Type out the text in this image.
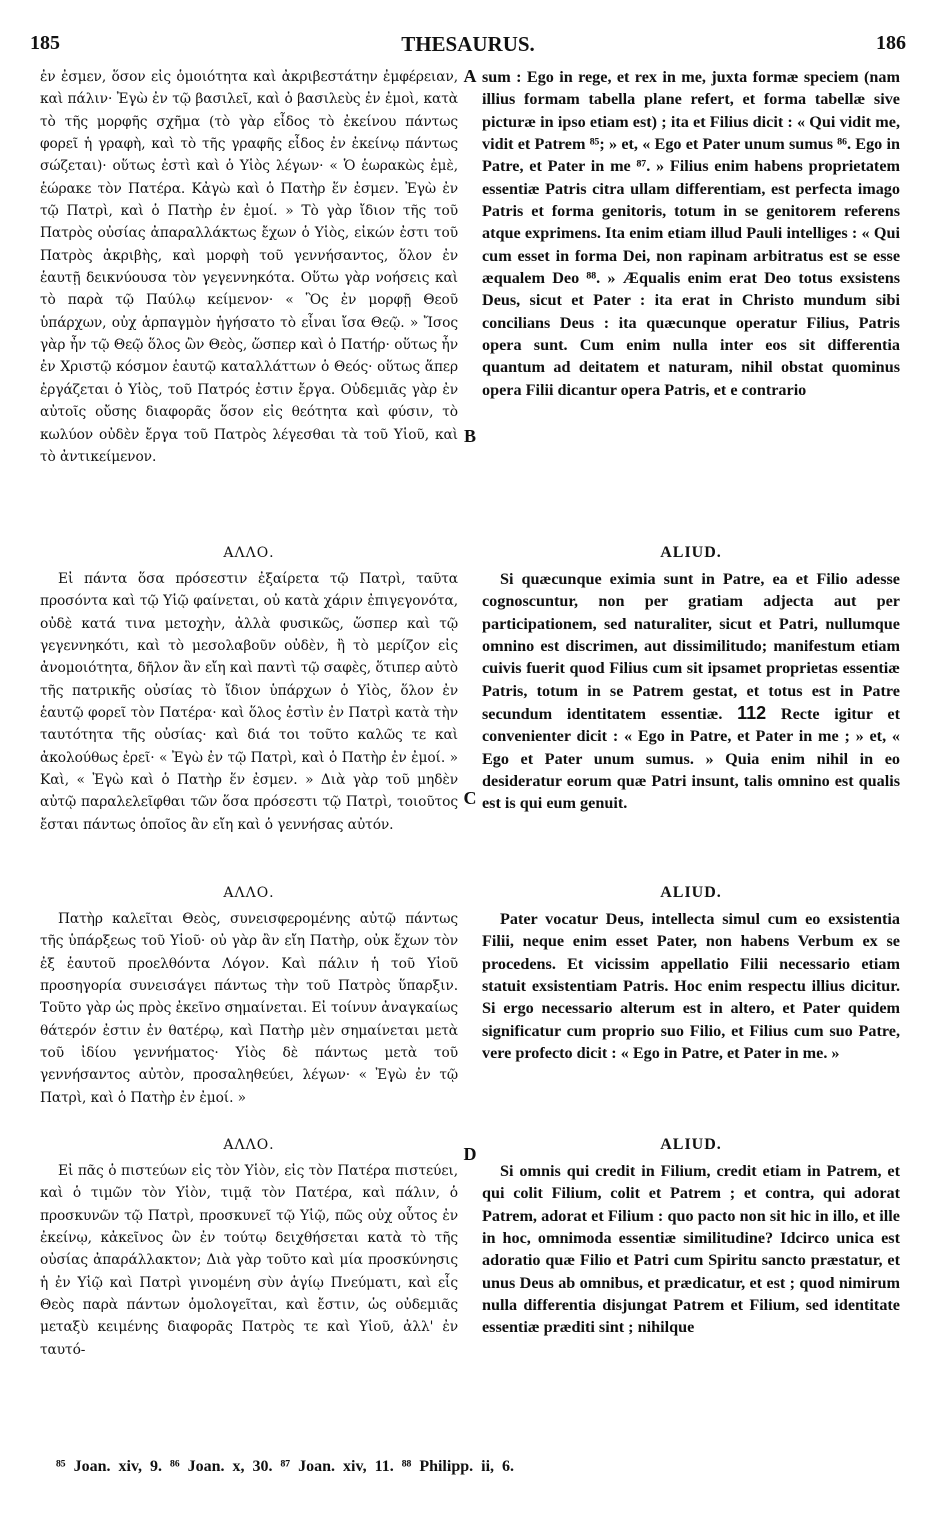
185	THESAURUS.	186

ἐν ἐσμεν, ὅσον εἰς ὁμοιότητα καὶ ἀκριβεστάτην ἐμφέρειαν, καὶ πάλιν· Ἐγὼ ἐν τῷ βασιλεῖ, καὶ ὁ βασιλεὺς ἐν ἐμοὶ, κατὰ τὸ τῆς μορφῆς σχῆμα (τὸ γὰρ εἶδος τὸ ἐκείνου πάντως φορεῖ ἡ γραφὴ, καὶ τὸ τῆς γραφῆς εἶδος ἐν ἐκείνῳ πάντως σώζεται)· οὕτως ἐστὶ καὶ ὁ Υἱὸς λέγων· « Ὁ ἑωρακὼς ἐμὲ, ἑώρακε τὸν Πατέρα. Κἀγὼ καὶ ὁ Πατὴρ ἕν ἐσμεν. Ἐγὼ ἐν τῷ Πατρὶ, καὶ ὁ Πατὴρ ἐν ἐμοί. » Τὸ γὰρ ἴδιον τῆς τοῦ Πατρὸς οὐσίας ἀπαραλλάκτως ἔχων ὁ Υἱὸς, εἰκών ἐστι τοῦ Πατρὸς ἀκριβὴς, καὶ μορφὴ τοῦ γεννήσαντος, ὅλον ἐν ἑαυτῇ δεικνύουσα τὸν γεγεννηκότα. Οὕτω γὰρ νοήσεις καὶ τὸ παρὰ τῷ Παύλῳ κείμενον· « Ὃς ἐν μορφῇ Θεοῦ ὑπάρχων, οὐχ ἁρπαγμὸν ἡγήσατο τὸ εἶναι ἴσα Θεῷ. » Ἴσος γὰρ ἦν τῷ Θεῷ ὅλος ὢν Θεὸς, ὥσπερ καὶ ὁ Πατήρ· οὕτως ἦν ἐν Χριστῷ κόσμον ἑαυτῷ καταλλάττων ὁ Θεός· οὕτως ἅπερ ἐργάζεται ὁ Υἱὸς, τοῦ Πατρός ἐστιν ἔργα. Οὐδεμιᾶς γὰρ ἐν αὐτοῖς οὔσης διαφορᾶς ὅσον εἰς θεότητα καὶ φύσιν, τὸ κωλύον οὐδὲν ἔργα τοῦ Πατρὸς λέγεσθαι τὰ τοῦ Υἱοῦ, καὶ τὸ ἀντικείμενον.

ΑΛΛΟ.

Εἰ πάντα ὅσα πρόσεστιν ἐξαίρετα τῷ Πατρὶ, ταῦτα προσόντα καὶ τῷ Υἱῷ φαίνεται, οὐ κατὰ χάριν ἐπιγεγονότα, οὐδὲ κατά τινα μετοχὴν, ἀλλὰ φυσικῶς, ὥσπερ καὶ τῷ γεγεννηκότι, καὶ τὸ μεσολαβοῦν οὐδὲν, ἢ τὸ μερίζον εἰς ἀνομοιότητα, δῆλον ἂν εἴη καὶ παντὶ τῷ σαφὲς, ὅτιπερ αὐτὸ τῆς πατρικῆς οὐσίας τὸ ἴδιον ὑπάρχων ὁ Υἱὸς, ὅλον ἐν ἑαυτῷ φορεῖ τὸν Πατέρα· καὶ ὅλος ἐστὶν ἐν Πατρὶ κατὰ τὴν ταυτότητα τῆς οὐσίας· καὶ διά τοι τοῦτο καλῶς τε καὶ ἀκολούθως ἐρεῖ· « Ἐγὼ ἐν τῷ Πατρὶ, καὶ ὁ Πατὴρ ἐν ἐμοί. » Καὶ, « Ἐγὼ καὶ ὁ Πατὴρ ἕν ἐσμεν. » Διὰ γὰρ τοῦ μηδὲν αὐτῷ παραλελεῖφθαι τῶν ὅσα πρόσεστι τῷ Πατρὶ, τοιοῦτος ἔσται πάντως ὁποῖος ἂν εἴη καὶ ὁ γεννήσας αὐτόν.

ΑΛΛΟ.

Πατὴρ καλεῖται Θεὸς, συνεισφερομένης αὐτῷ πάντως τῆς ὑπάρξεως τοῦ Υἱοῦ· οὐ γὰρ ἂν εἴη Πατὴρ, οὐκ ἔχων τὸν ἐξ ἑαυτοῦ προελθόντα Λόγον. Καὶ πάλιν ἡ τοῦ Υἱοῦ προσηγορία συνεισάγει πάντως τὴν τοῦ Πατρὸς ὕπαρξιν. Τοῦτο γὰρ ὡς πρὸς ἐκεῖνο σημαίνεται. Εἰ τοίνυν ἀναγκαίως θάτερόν ἐστιν ἐν θατέρῳ, καὶ Πατὴρ μὲν σημαίνεται μετὰ τοῦ ἰδίου γεννήματος· Υἱὸς δὲ πάντως μετὰ τοῦ γεννήσαντος αὐτὸν, προσαληθεύει, λέγων· « Ἐγὼ ἐν τῷ Πατρὶ, καὶ ὁ Πατὴρ ἐν ἐμοί. »

ΑΛΛΟ.

Εἰ πᾶς ὁ πιστεύων εἰς τὸν Υἱὸν, εἰς τὸν Πατέρα πιστεύει, καὶ ὁ τιμῶν τὸν Υἱὸν, τιμᾷ τὸν Πατέρα, καὶ πάλιν, ὁ προσκυνῶν τῷ Πατρὶ, προσκυνεῖ τῷ Υἱῷ, πῶς οὐχ οὗτος ἐν ἐκείνῳ, κἀκεῖνος ὢν ἐν τούτῳ δειχθήσεται κατὰ τὸ τῆς οὐσίας ἀπαράλλακτον; Διὰ γὰρ τοῦτο καὶ μία προσκύνησις ἡ ἐν Υἱῷ καὶ Πατρὶ γινομένη σὺν ἁγίῳ Πνεύματι, καὶ εἷς Θεὸς παρὰ πάντων ὁμολογεῖται, καὶ ἔστιν, ὡς οὐδεμιᾶς μεταξὺ κειμένης διαφορᾶς Πατρὸς τε καὶ Υἱοῦ, ἀλλ' ἐν ταυτό-

sum : Ego in rege, et rex in me, juxta formæ speciem (nam illius formam tabella plane refert, et forma tabellæ sive picturæ in ipso etiam est) ; ita et Filius dicit : « Qui vidit me, vidit et Patrem ⁸⁵; » et, « Ego et Pater unum sumus ⁸⁶. Ego in Patre, et Pater in me ⁸⁷. » Filius enim habens proprietatem essentiæ Patris citra ullam differentiam, est perfecta imago Patris et forma genitoris, totum in se genitorem referens atque exprimens. Ita enim etiam illud Pauli intelliges : « Qui cum esset in forma Dei, non rapinam arbitratus est se esse æqualem Deo ⁸⁸. » Æqualis enim erat Deo totus exsistens Deus, sicut et Pater : ita erat in Christo mundum sibi concilians Deus : ita quæcunque operatur Filius, Patris opera sunt. Cum enim nulla inter eos sit differentia quantum ad deitatem et naturam, nihil obstat quominus opera Filii dicantur opera Patris, et e contrario

ALIUD.

Si quæcunque eximia sunt in Patre, ea et Filio adesse cognoscuntur, non per gratiam adjecta aut per participationem, sed naturaliter, sicut et Patri, nullumque omnino est discrimen, aut dissimilitudo; manifestum etiam cuivis fuerit quod Filius cum sit ipsamet proprietas essentiæ Patris, totum in se Patrem gestat, et totus est in Patre secundum identitatem essentiæ. 112 Recte igitur et convenienter dicit : « Ego in Patre, et Pater in me ; » et, « Ego et Pater unum sumus. » Quia enim nihil in eo desideratur eorum quæ Patri insunt, talis omnino est qualis est is qui eum genuit.

ALIUD.

Pater vocatur Deus, intellecta simul cum eo exsistentia Filii, neque enim esset Pater, non habens Verbum ex se procedens. Et vicissim appellatio Filii necessario etiam statuit exsistentiam Patris. Hoc enim respectu illius dicitur. Si ergo necessario alterum est in altero, et Pater quidem significatur cum proprio suo Filio, et Filius cum suo Patre, vere profecto dicit : « Ego in Patre, et Pater in me. »

ALIUD.

Si omnis qui credit in Filium, credit etiam in Patrem, et qui colit Filium, colit et Patrem ; et contra, qui adorat Patrem, adorat et Filium : quo pacto non sit hic in illo, et ille in hoc, omnimoda essentiæ similitudine? Idcirco unica est adoratio quæ Filio et Patri cum Spiritu sancto præstatur, et unus Deus ab omnibus, et prædicatur, et est ; quod nimirum nulla differentia disjungat Patrem et Filium, sed identitate essentiæ præditi sint ; nihilque

A
B
C
D
⁸⁵ Joan. xiv, 9. ⁸⁶ Joan. x, 30. ⁸⁷ Joan. xiv, 11. ⁸⁸ Philipp. ii, 6.
